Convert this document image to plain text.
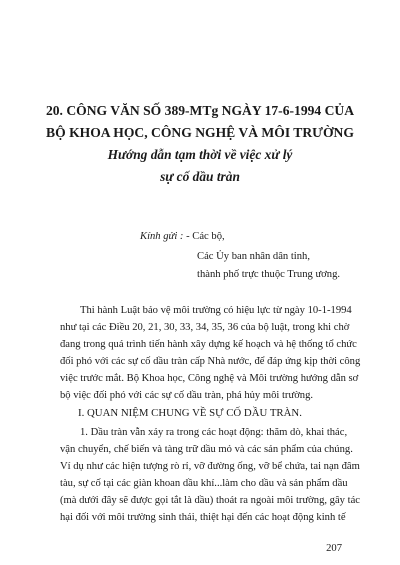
20. CÔNG VĂN SỐ 389-MTg NGÀY 17-6-1994 CỦA
BỘ KHOA HỌC, CÔNG NGHỆ VÀ MÔI TRƯỜNG
Hướng dẫn tạm thời về việc xử lý
sự cố dầu tràn
Kính gửi : - Các bộ,
Các Ủy ban nhân dân tỉnh,
thành phố trực thuộc Trung ương.
Thi hành Luật bảo vệ môi trường có hiệu lực từ ngày 10-1-1994
như tại các Điều 20, 21, 30, 33, 34, 35, 36 của bộ luật, trong khi chờ
đang trong quá trình tiến hành xây dựng kế hoạch và hệ thống tổ chức
đối phó với các sự cố dầu tràn cấp Nhà nước, để đáp ứng kịp thời công
việc trước mắt. Bộ Khoa học, Công nghệ và Môi trường hướng dẫn sơ
bộ việc đối phó với các sự cố dầu tràn, phá hủy môi trường.
I. QUAN NIỆM CHUNG VỀ SỰ CỐ DẦU TRÀN.
1. Dầu tràn vẫn xảy ra trong các hoạt động: thăm dò, khai thác,
vận chuyển, chế biến và tàng trữ dầu mỏ và các sản phẩm của chúng.
Ví dụ như các hiện tượng rò rỉ, vỡ đường ống, vỡ bể chứa, tai nạn đâm
tàu, sự cố tại các giàn khoan dầu khí...làm cho dầu và sản phẩm dầu
(mà dưới đây sẽ được gọi tắt là dầu) thoát ra ngoài môi trường, gây tác
hại đối với môi trường sinh thái, thiệt hại đến các hoạt động kinh tế
207
